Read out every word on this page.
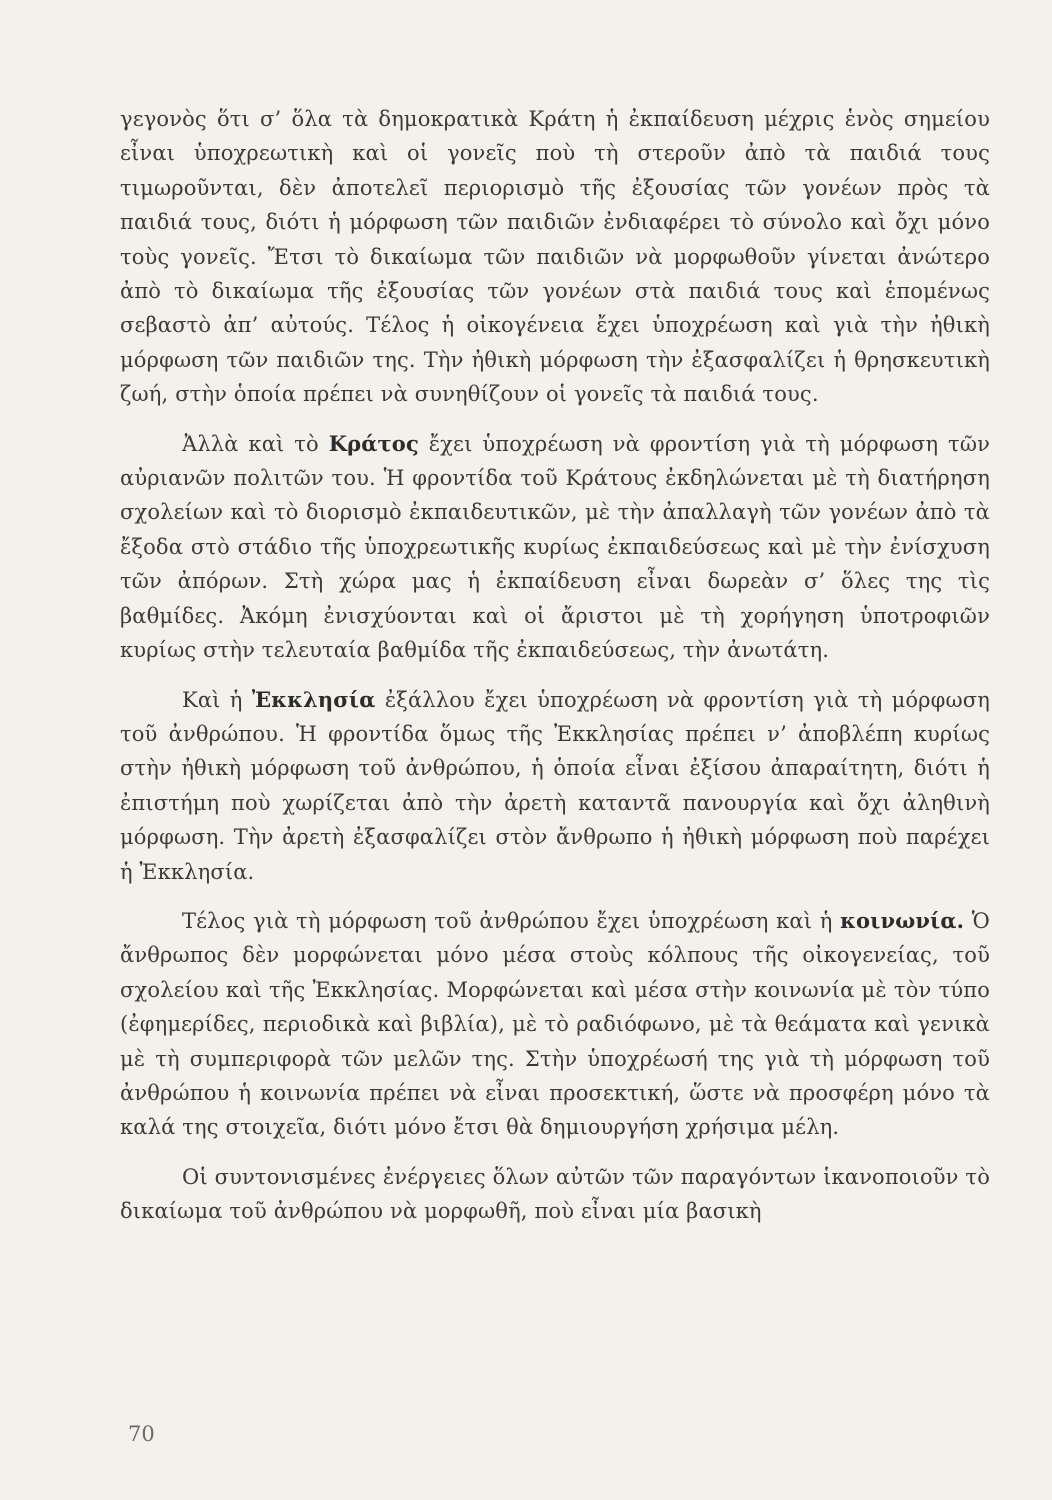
γεγονὸς ὅτι σ’ ὅλα τὰ δημοκρατικὰ Κράτη ἡ ἐκπαίδευση μέχρις ἑνὸς σημείου εἶναι ὑποχρεωτικὴ καὶ οἱ γονεῖς ποὺ τὴ στεροῦν ἀπὸ τὰ παιδιά τους τιμωροῦνται, δὲν ἀποτελεῖ περιορισμὸ τῆς ἐξουσίας τῶν γονέων πρὸς τὰ παιδιά τους, διότι ἡ μόρφωση τῶν παιδιῶν ἐνδιαφέρει τὸ σύνολο καὶ ὄχι μόνο τοὺς γονεῖς. Ἔτσι τὸ δικαίωμα τῶν παιδιῶν νὰ μορφωθοῦν γίνεται ἀνώτερο ἀπὸ τὸ δικαίωμα τῆς ἐξουσίας τῶν γονέων στὰ παιδιά τους καὶ ἑπομένως σεβαστὸ ἀπ’ αὐτούς. Τέλος ἡ οἰκογένεια ἔχει ὑποχρέωση καὶ γιὰ τὴν ἠθικὴ μόρφωση τῶν παιδιῶν της. Τὴν ἠθικὴ μόρφωση τὴν ἐξασφαλίζει ἡ θρησκευτικὴ ζωή, στὴν ὁποία πρέπει νὰ συνηθίζουν οἱ γονεῖς τὰ παιδιά τους.

Ἀλλὰ καὶ τὸ Κράτος ἔχει ὑποχρέωση νὰ φροντίση γιὰ τὴ μόρφωση τῶν αὐριανῶν πολιτῶν του. Ἡ φροντίδα τοῦ Κράτους ἐκδηλώνεται μὲ τὴ διατήρηση σχολείων καὶ τὸ διορισμὸ ἐκπαιδευτικῶν, μὲ τὴν ἀπαλλαγὴ τῶν γονέων ἀπὸ τὰ ἔξοδα στὸ στάδιο τῆς ὑποχρεωτικῆς κυρίως ἐκπαιδεύσεως καὶ μὲ τὴν ἐνίσχυση τῶν ἀπόρων. Στὴ χώρα μας ἡ ἐκπαίδευση εἶναι δωρεὰν σ’ ὅλες της τὶς βαθμίδες. Ἀκόμη ἐνισχύονται καὶ οἱ ἄριστοι μὲ τὴ χορήγηση ὑποτροφιῶν κυρίως στὴν τελευταία βαθμίδα τῆς ἐκπαιδεύσεως, τὴν ἀνωτάτη.

Καὶ ἡ Ἐκκλησία ἐξάλλου ἔχει ὑποχρέωση νὰ φροντίση γιὰ τὴ μόρφωση τοῦ ἀνθρώπου. Ἡ φροντίδα ὅμως τῆς Ἐκκλησίας πρέπει ν’ ἀποβλέπη κυρίως στὴν ἠθικὴ μόρφωση τοῦ ἀνθρώπου, ἡ ὁποία εἶναι ἐξίσου ἀπαραίτητη, διότι ἡ ἐπιστήμη ποὺ χωρίζεται ἀπὸ τὴν ἀρετὴ καταντᾶ πανουργία καὶ ὄχι ἀληθινὴ μόρφωση. Τὴν ἀρετὴ ἐξασφαλίζει στὸν ἄνθρωπο ἡ ἠθικὴ μόρφωση ποὺ παρέχει ἡ Ἐκκλησία.

Τέλος γιὰ τὴ μόρφωση τοῦ ἀνθρώπου ἔχει ὑποχρέωση καὶ ἡ κοινωνία. Ὁ ἄνθρωπος δὲν μορφώνεται μόνο μέσα στοὺς κόλπους τῆς οἰκογενείας, τοῦ σχολείου καὶ τῆς Ἐκκλησίας. Μορφώνεται καὶ μέσα στὴν κοινωνία μὲ τὸν τύπο (ἐφημερίδες, περιοδικὰ καὶ βιβλία), μὲ τὸ ραδιόφωνο, μὲ τὰ θεάματα καὶ γενικὰ μὲ τὴ συμπεριφορὰ τῶν μελῶν της. Στὴν ὑποχρέωσή της γιὰ τὴ μόρφωση τοῦ ἀνθρώπου ἡ κοινωνία πρέπει νὰ εἶναι προσεκτική, ὥστε νὰ προσφέρη μόνο τὰ καλά της στοιχεῖα, διότι μόνο ἔτσι θὰ δημιουργήση χρήσιμα μέλη.

Οἱ συντονισμένες ἐνέργειες ὅλων αὐτῶν τῶν παραγόντων ἱκανοποιοῦν τὸ δικαίωμα τοῦ ἀνθρώπου νὰ μορφωθῆ, ποὺ εἶναι μία βασικὴ

70
